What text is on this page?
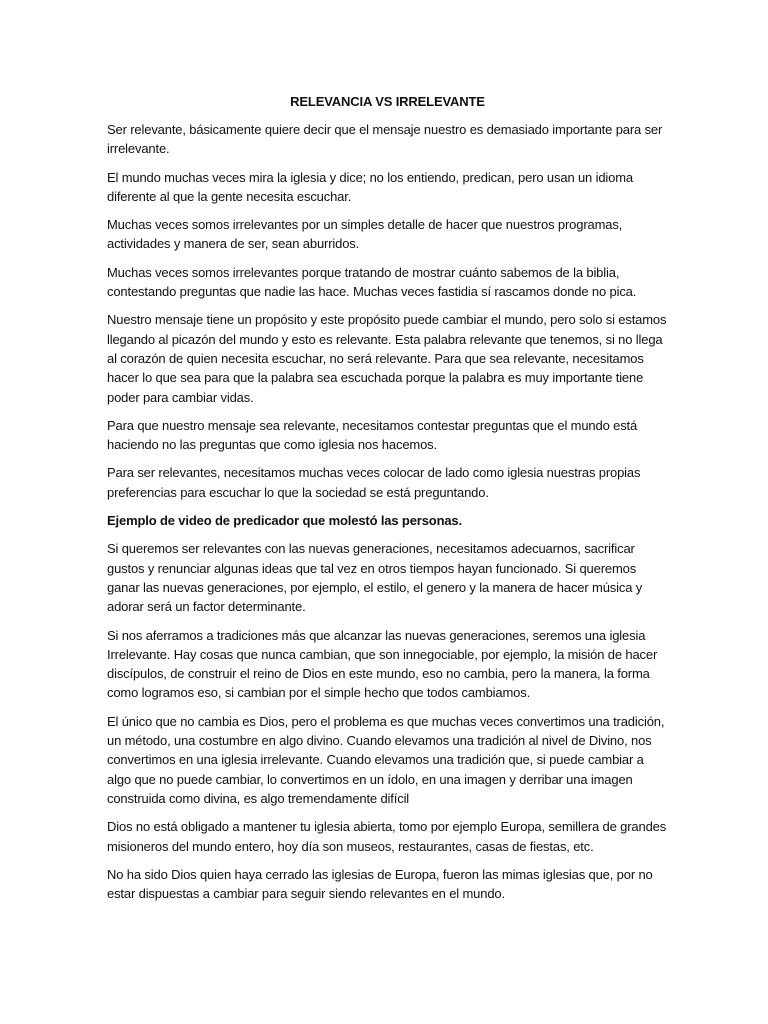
RELEVANCIA VS IRRELEVANTE

Ser relevante, básicamente quiere decir que el mensaje nuestro es demasiado importante para ser irrelevante.

El mundo muchas veces mira la iglesia y dice; no los entiendo, predican, pero usan un idioma diferente al que la gente necesita escuchar.

Muchas veces somos irrelevantes por un simples detalle de hacer que nuestros programas, actividades y manera de ser, sean aburridos.

Muchas veces somos irrelevantes porque tratando de mostrar cuánto sabemos de la biblia, contestando preguntas que nadie las hace. Muchas veces fastidia sí rascamos donde no pica.

Nuestro mensaje tiene un propósito y este propósito puede cambiar el mundo, pero solo si estamos llegando al picazón del mundo y esto es relevante. Esta palabra relevante que tenemos, si no llega al corazón de quien necesita escuchar, no será relevante. Para que sea relevante, necesitamos hacer lo que sea para que la palabra sea escuchada porque la palabra es muy importante tiene poder para cambiar vidas.

Para que nuestro mensaje sea relevante, necesitamos contestar preguntas que el mundo está haciendo no las preguntas que como iglesia nos hacemos.

Para ser relevantes, necesitamos muchas veces colocar de lado como iglesia nuestras propias preferencias para escuchar lo que la sociedad se está preguntando.

Ejemplo de video de predicador que molestó las personas.

Si queremos ser relevantes con las nuevas generaciones, necesitamos adecuarnos, sacrificar gustos y renunciar algunas ideas que tal vez en otros tiempos hayan funcionado. Si queremos ganar las nuevas generaciones, por ejemplo, el estilo, el genero y la manera de hacer música y adorar será un factor determinante.

Si nos aferramos a tradiciones más que alcanzar las nuevas generaciones, seremos una iglesia Irrelevante. Hay cosas que nunca cambian, que son innegociable, por ejemplo, la misión de hacer discípulos, de construir el reino de Dios en este mundo, eso no cambia, pero la manera, la forma como logramos eso, si cambian por el simple hecho que todos cambiamos.

El único que no cambia es Dios, pero el problema es que muchas veces convertimos una tradición, un método, una costumbre en algo divino. Cuando elevamos una tradición al nivel de Divino, nos convertimos en una iglesia irrelevante. Cuando elevamos una tradición que, si puede cambiar a algo que no puede cambiar, lo convertimos en un ídolo, en una imagen y derribar una imagen construida como divina, es algo tremendamente difícil

Dios no está obligado a mantener tu iglesia abierta, tomo por ejemplo Europa, semillera de grandes misioneros del mundo entero, hoy día son museos, restaurantes, casas de fiestas, etc.

No ha sido Dios quien haya cerrado las iglesias de Europa, fueron las mimas iglesias que, por no estar dispuestas a cambiar para seguir siendo relevantes en el mundo.
